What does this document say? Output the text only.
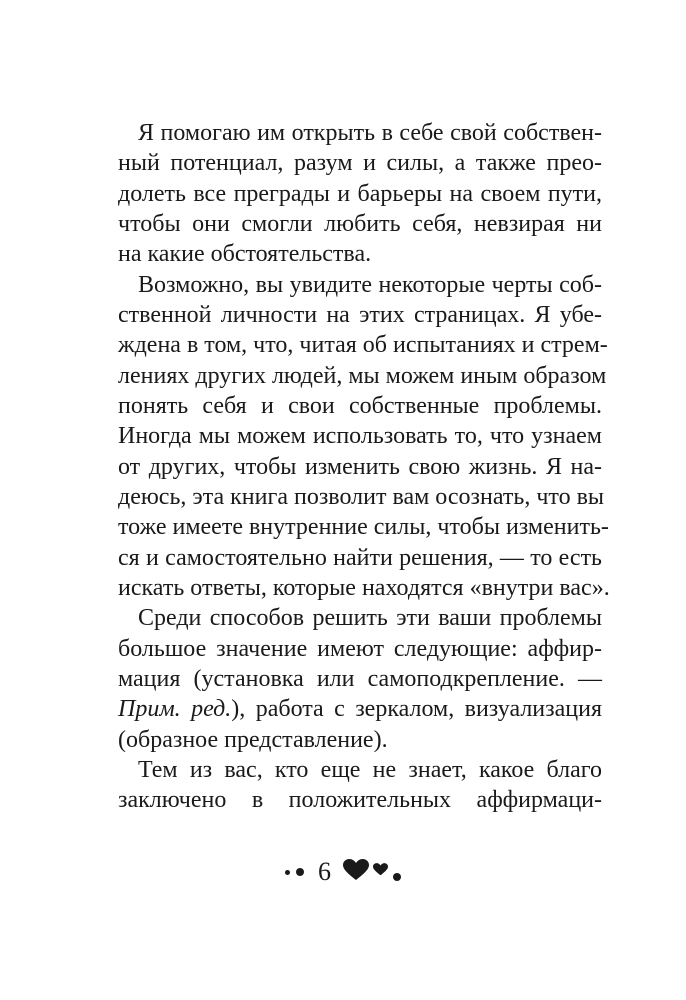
Я помогаю им открыть в себе свой собствен-
ный потенциал, разум и силы, а также прео-
долеть все преграды и барьеры на своем пути,
чтобы они смогли любить себя, невзирая ни
на какие обстоятельства.
Возможно, вы увидите некоторые черты соб-
ственной личности на этих страницах. Я убе-
ждена в том, что, читая об испытаниях и стрем-
лениях других людей, мы можем иным образом
понять себя и свои собственные проблемы.
Иногда мы можем использовать то, что узнаем
от других, чтобы изменить свою жизнь. Я на-
деюсь, эта книга позволит вам осознать, что вы
тоже имеете внутренние силы, чтобы изменить-
ся и самостоятельно найти решения, — то есть
искать ответы, которые находятся «внутри вас».
Среди способов решить эти ваши проблемы
большое значение имеют следующие: аффир-
мация (установка или самоподкрепление. —
Прим. ред.), работа с зеркалом, визуализация
(образное представление).
Тем из вас, кто еще не знает, какое благо
заключено в положительных аффирмаци-
6
